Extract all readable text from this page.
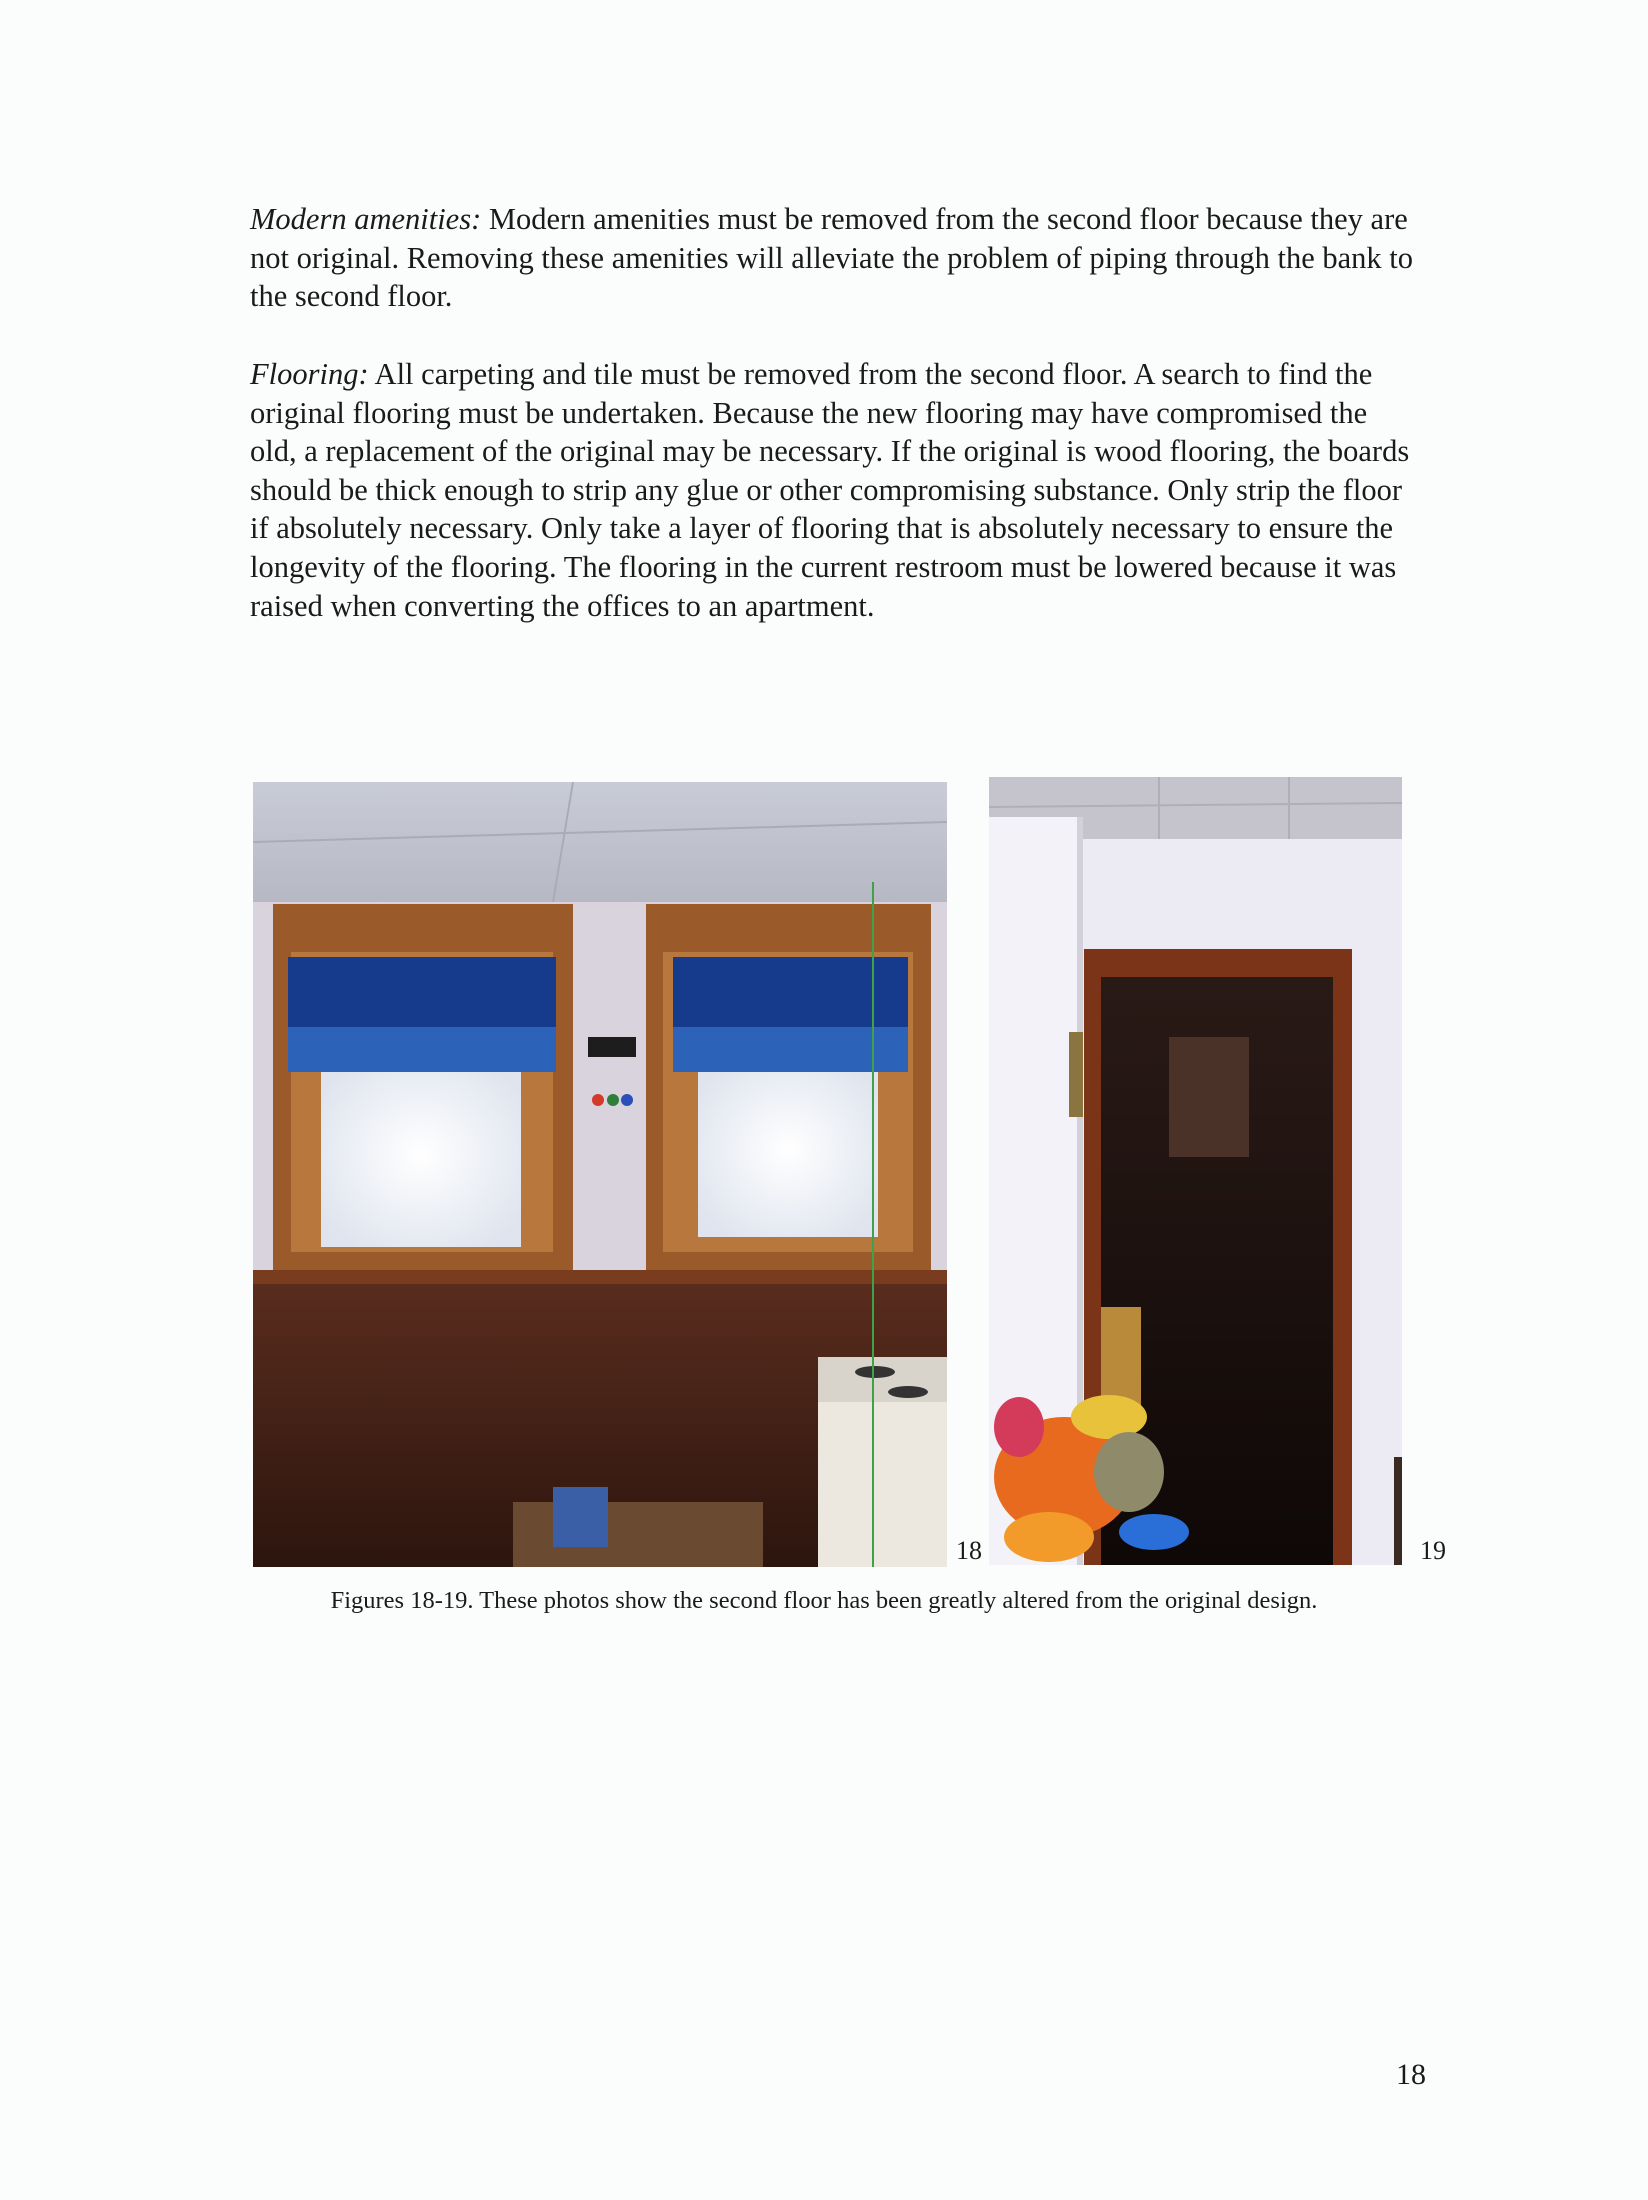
Modern amenities: Modern amenities must be removed from the second floor because they are not original. Removing these amenities will alleviate the problem of piping through the bank to the second floor.

Flooring: All carpeting and tile must be removed from the second floor. A search to find the original flooring must be undertaken. Because the new flooring may have compromised the old, a replacement of the original may be necessary. If the original is wood flooring, the boards should be thick enough to strip any glue or other compromising substance. Only strip the floor if absolutely necessary. Only take a layer of flooring that is absolutely necessary to ensure the longevity of the flooring. The flooring in the current restroom must be lowered because it was raised when converting the offices to an apartment.

18	19

Figures 18-19. These photos show the second floor has been greatly altered from the original design.

18
